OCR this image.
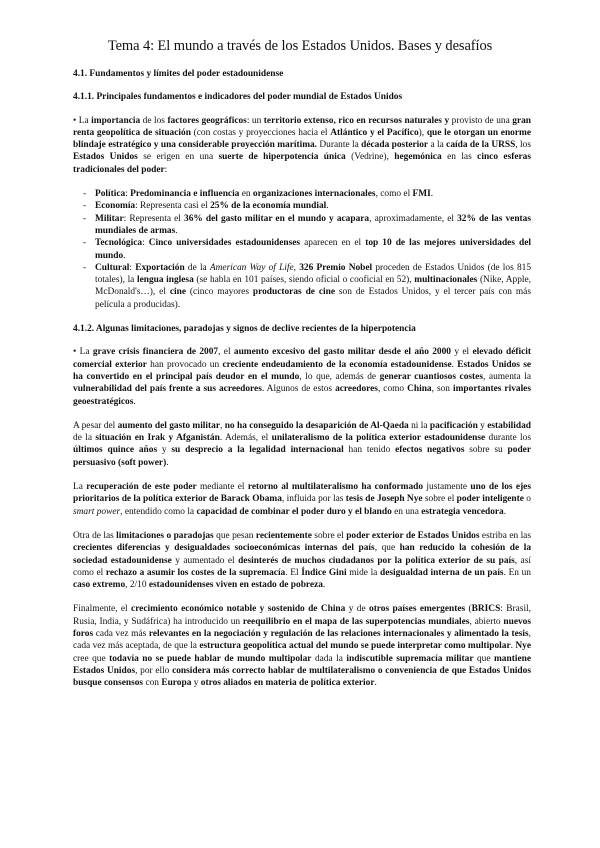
Tema 4: El mundo a través de los Estados Unidos. Bases y desafíos
4.1. Fundamentos y límites del poder estadounidense
4.1.1. Principales fundamentos e indicadores del poder mundial de Estados Unidos
• La importancia de los factores geográficos: un territorio extenso, rico en recursos naturales y provisto de una gran renta geopolítica de situación (con costas y proyecciones hacia el Atlántico y el Pacífico), que le otorgan un enorme blindaje estratégico y una considerable proyección marítima. Durante la década posterior a la caída de la URSS, los Estados Unidos se erigen en una suerte de hiperpotencia única (Vedrine), hegemónica en las cinco esferas tradicionales del poder:
- Política: Predominancia e influencia en organizaciones internacionales, como el FMI.
- Economía: Representa casi el 25% de la economía mundial.
- Militar: Representa el 36% del gasto militar en el mundo y acapara, aproximadamente, el 32% de las ventas mundiales de armas.
- Tecnológica: Cinco universidades estadounidenses aparecen en el top 10 de las mejores universidades del mundo.
- Cultural: Exportación de la American Way of Life, 326 Premio Nobel proceden de Estados Unidos (de los 815 totales), la lengua inglesa (se habla en 101 países, siendo oficial o cooficial en 52), multinacionales (Nike, Apple, McDonald's…), el cine (cinco mayores productoras de cine son de Estados Unidos, y el tercer país con más película a producidas).
4.1.2. Algunas limitaciones, paradojas y signos de declive recientes de la hiperpotencia
• La grave crisis financiera de 2007, el aumento excesivo del gasto militar desde el año 2000 y el elevado déficit comercial exterior han provocado un creciente endeudamiento de la economía estadounidense. Estados Unidos se ha convertido en el principal país deudor en el mundo, lo que, además de generar cuantiosos costes, aumenta la vulnerabilidad del país frente a sus acreedores. Algunos de estos acreedores, como China, son importantes rivales geoestratégicos.
A pesar del aumento del gasto militar, no ha conseguido la desaparición de Al-Qaeda ni la pacificación y estabilidad de la situación en Irak y Afganistán. Además, el unilateralismo de la política exterior estadounidense durante los últimos quince años y su desprecio a la legalidad internacional han tenido efectos negativos sobre su poder persuasivo (soft power).
La recuperación de este poder mediante el retorno al multilateralismo ha conformado justamente uno de los ejes prioritarios de la política exterior de Barack Obama, influida por las tesis de Joseph Nye sobre el poder inteligente o smart power, entendido como la capacidad de combinar el poder duro y el blando en una estrategia vencedora.
Otra de las limitaciones o paradojas que pesan recientemente sobre el poder exterior de Estados Unidos estriba en las crecientes diferencias y desigualdades socioeconómicas internas del país, que han reducido la cohesión de la sociedad estadounidense y aumentado el desinterés de muchos ciudadanos por la política exterior de su país, así como el rechazo a asumir los costes de la supremacía. El Índice Gini mide la desigualdad interna de un país. En un caso extremo, 2/10 estadounidenses viven en estado de pobreza.
Finalmente, el crecimiento económico notable y sostenido de China y de otros países emergentes (BRICS: Brasil, Rusia, India, y Sudáfrica) ha introducido un reequilibrio en el mapa de las superpotencias mundiales, abierto nuevos foros cada vez más relevantes en la negociación y regulación de las relaciones internacionales y alimentado la tesis, cada vez más aceptada, de que la estructura geopolítica actual del mundo se puede interpretar como multipolar. Nye cree que todavía no se puede hablar de mundo multipolar dada la indiscutible supremacía militar que mantiene Estados Unidos, por ello considera más correcto hablar de multilateralismo o conveniencia de que Estados Unidos busque consensos con Europa y otros aliados en materia de política exterior.
